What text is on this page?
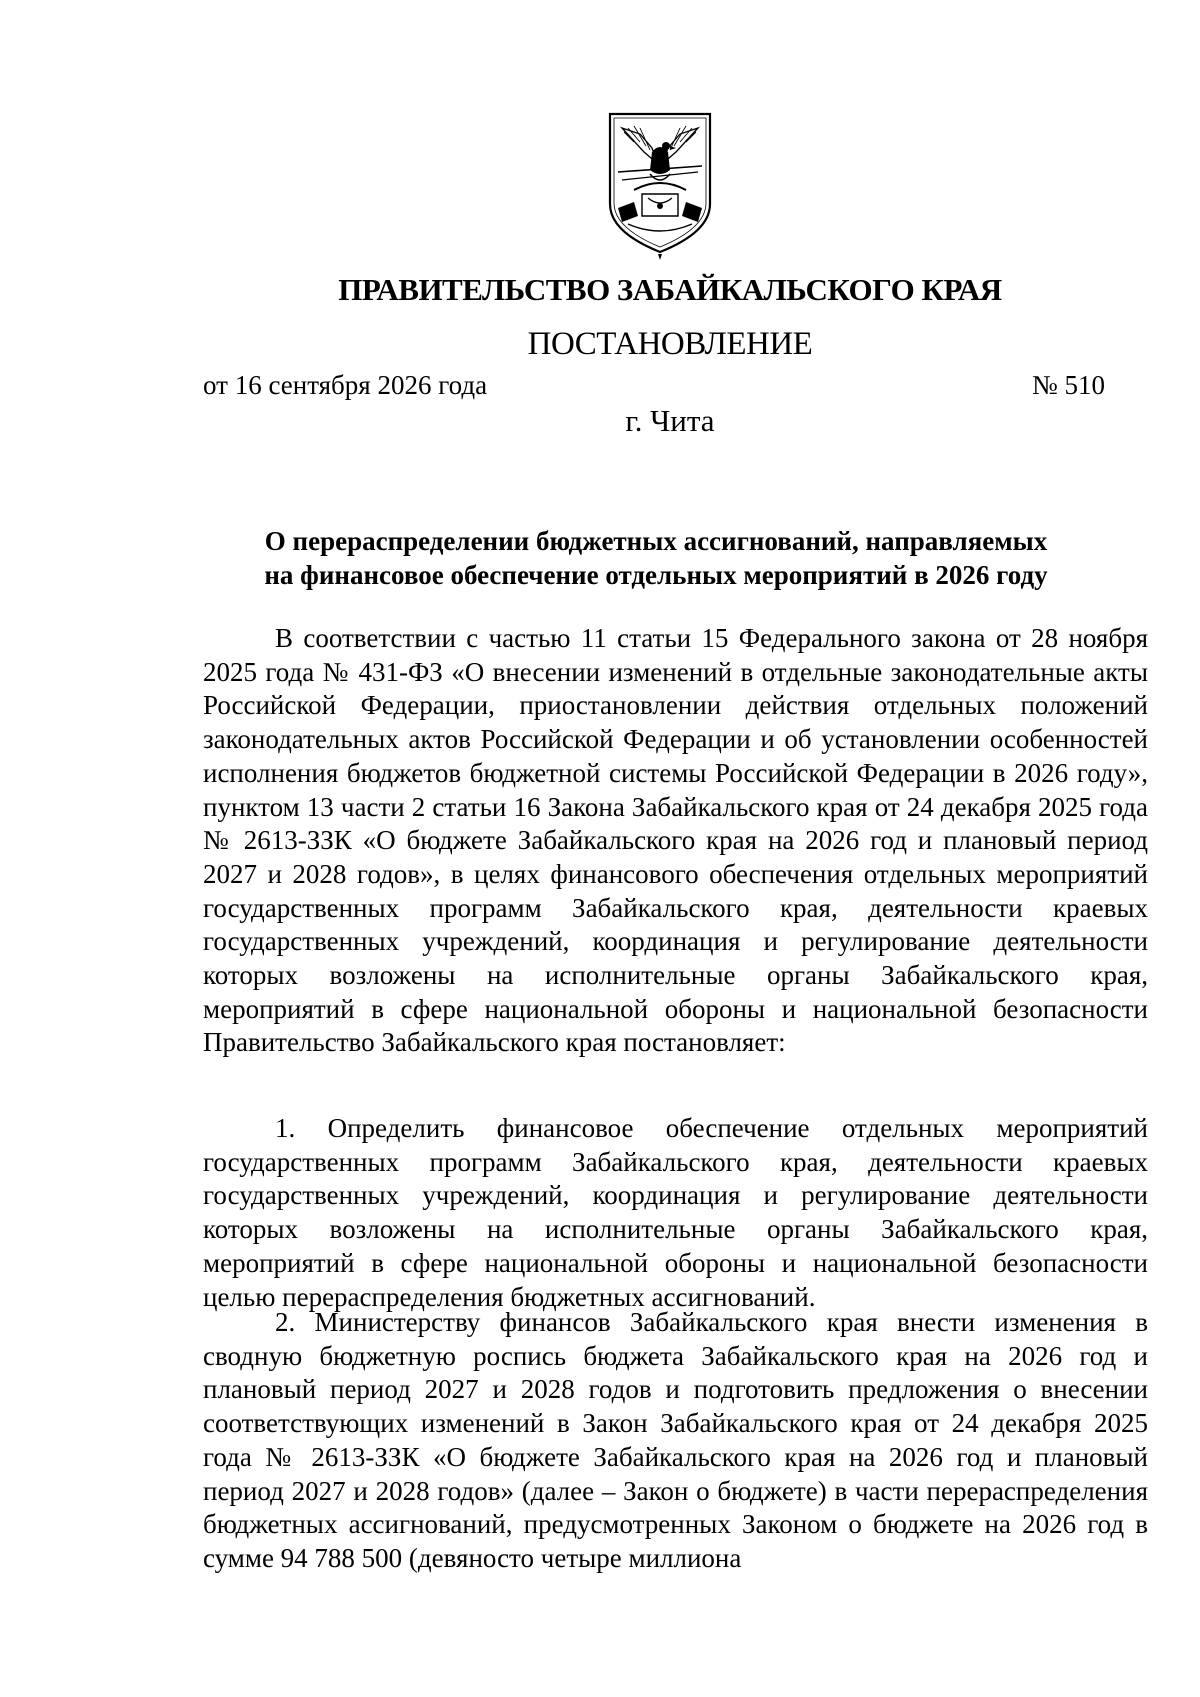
ПРАВИТЕЛЬСТВО ЗАБАЙКАЛЬСКОГО КРАЯ
ПОСТАНОВЛЕНИЕ
от 16 сентября 2026 года	№ 510
г. Чита
О перераспределении бюджетных ассигнований, направляемых
на финансовое обеспечение отдельных мероприятий в 2026 году

В соответствии с частью 11 статьи 15 Федерального закона от 28 ноября 2025 года № 431-ФЗ «О внесении изменений в отдельные законодательные акты Российской Федерации, приостановлении действия отдельных положений законодательных актов Российской Федерации и об установлении особенностей исполнения бюджетов бюджетной системы Российской Федерации в 2026 году», пунктом 13 части 2 статьи 16 Закона Забайкальского края от 24 декабря 2025 года № 2613-ЗЗК «О бюджете Забайкальского края на 2026 год и плановый период 2027 и 2028 годов», в целях финансового обеспечения отдельных мероприятий государственных программ Забайкальского края, деятельности краевых государственных учреждений, координация и регулирование деятельности которых возложены на исполнительные органы Забайкальского края, мероприятий в сфере национальной обороны и национальной безопасности Правительство Забайкальского края постановляет:

1. Определить финансовое обеспечение отдельных мероприятий государственных программ Забайкальского края, деятельности краевых государственных учреждений, координация и регулирование деятельности которых возложены на исполнительные органы Забайкальского края, мероприятий в сфере национальной обороны и национальной безопасности целью перераспределения бюджетных ассигнований.

2. Министерству финансов Забайкальского края внести изменения в сводную бюджетную роспись бюджета Забайкальского края на 2026 год и плановый период 2027 и 2028 годов и подготовить предложения о внесении соответствующих изменений в Закон Забайкальского края от 24 декабря 2025 года № 2613-ЗЗК «О бюджете Забайкальского края на 2026 год и плановый период 2027 и 2028 годов» (далее – Закон о бюджете) в части перераспределения бюджетных ассигнований, предусмотренных Законом о бюджете на 2026 год в сумме 94 788 500 (девяносто четыре миллиона
